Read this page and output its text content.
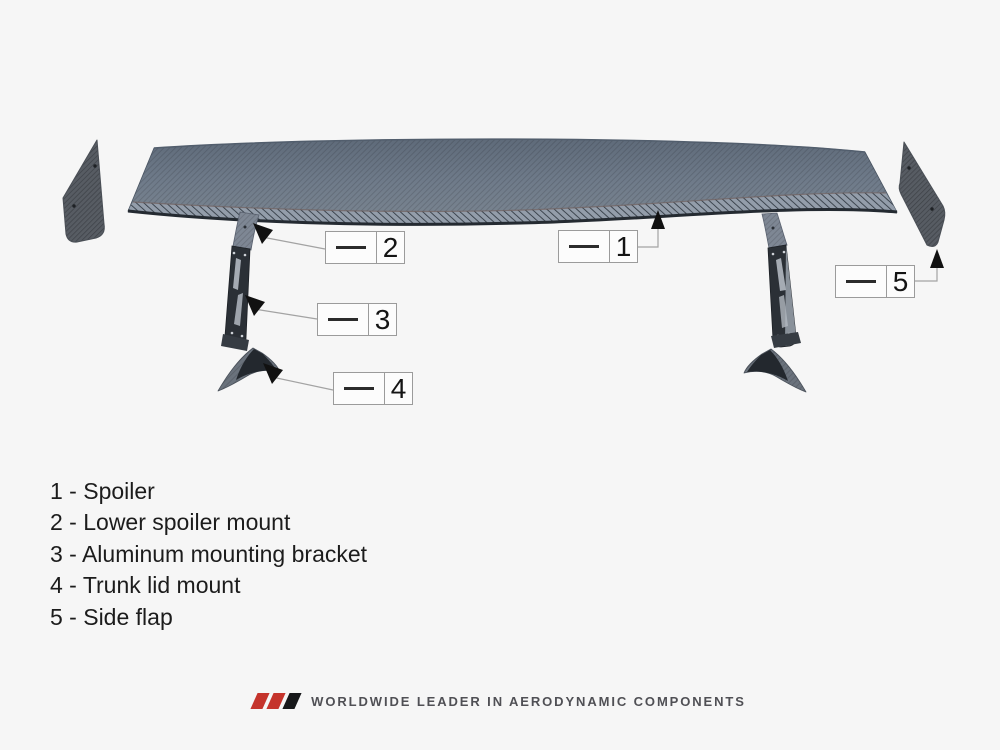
1
2
3
4
5
1 - Spoiler
2 - Lower spoiler mount
3 - Aluminum mounting bracket
4 - Trunk lid mount
5 - Side flap
WORLDWIDE LEADER IN AERODYNAMIC COMPONENTS
